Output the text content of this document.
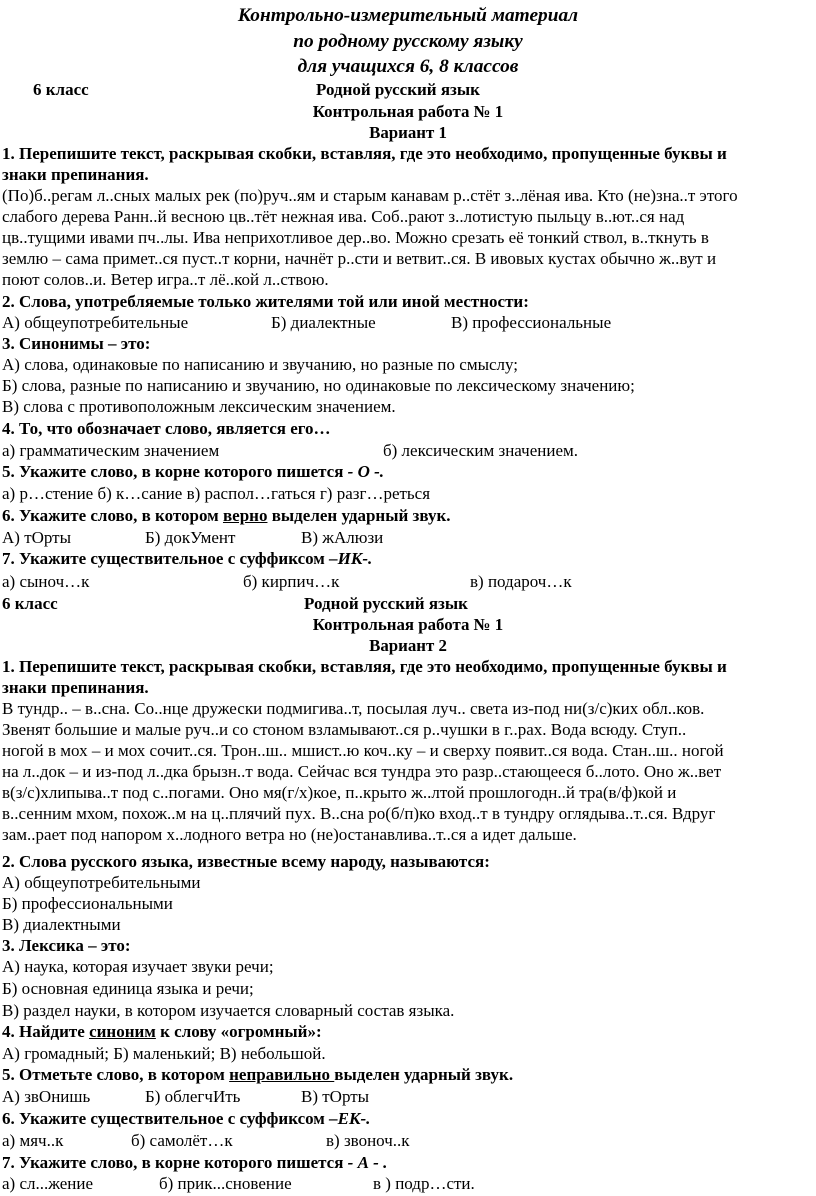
Контрольно-измерительный материал
по родному русскому языку
для учащихся 6, 8 классов
6 класс	Родной русский язык
Контрольная работа № 1
Вариант 1
1. Перепишите текст, раскрывая скобки, вставляя, где это необходимо, пропущенные буквы и
знаки препинания.
(По)б..регам л..сных малых рек (по)руч..ям и старым канавам р..стёт з..лёная ива. Кто (не)зна..т этого
слабого дерева Ранн..й весною цв..тёт нежная ива. Соб..рают з..лотистую пыльцу в..ют..ся над
цв..тущими ивами пч..лы. Ива неприхотливое дер..во. Можно срезать её тонкий ствол, в..ткнуть в
землю – сама примет..ся пуст..т корни, начнёт р..сти и ветвит..ся. В ивовых кустах обычно ж..вут и
поют солов..и. Ветер игра..т лё..кой л..ствою.
2. Слова, употребляемые только жителями той или иной местности:
А) общеупотребительные	Б) диалектные	В) профессиональные
3. Синонимы – это:
А) слова, одинаковые по написанию и звучанию, но разные по смыслу;
Б) слова, разные по написанию и звучанию, но одинаковые по лексическому значению;
В) слова с противоположным лексическим значением.
4. То, что обозначает слово, является его…
а) грамматическим значением	б) лексическим значением.
5. Укажите слово, в корне которого пишется - О -.
а) р…стение б) к…сание в) распол…гаться г) разг…реться
6. Укажите слово, в котором верно выделен ударный звук.
А) тОрты	Б) докУмент	В) жАлюзи
7. Укажите существительное с суффиксом –ИК-.
а) сыноч…к	б) кирпич…к	в) подароч…к
6 класс	Родной русский язык
Контрольная работа № 1
Вариант 2
1. Перепишите текст, раскрывая скобки, вставляя, где это необходимо, пропущенные буквы и
знаки препинания.
В тундр.. – в..сна. Со..нце дружески подмигива..т, посылая луч.. света из-под ни(з/с)ких обл..ков.
Звенят большие и малые руч..и со стоном взламывают..ся р..чушки в г..рах. Вода всюду. Ступ..
ногой в мох – и мох сочит..ся. Трон..ш.. мшист..ю коч..ку – и сверху появит..ся вода. Стан..ш.. ногой
на л..док – и из-под л..дка брызн..т вода. Сейчас вся тундра это разр..стающееся б..лото. Оно ж..вет
в(з/с)хлипыва..т под с..погами. Оно мя(г/х)кое, п..крыто ж..лтой прошлогодн..й тра(в/ф)кой и
в..сенним мхом, похож..м на ц..плячий пух. В..сна ро(б/п)ко вход..т в тундру оглядыва..т..ся. Вдруг
зам..рает под напором х..лодного ветра но (не)останавлива..т..ся а идет дальше.
2. Слова русского языка, известные всему народу, называются:
А) общеупотребительными
Б) профессиональными
В) диалектными
3. Лексика – это:
А) наука, которая изучает звуки речи;
Б) основная единица языка и речи;
В) раздел науки, в котором изучается словарный состав языка.
4. Найдите синоним к слову «огромный»:
А) громадный; Б) маленький; В) небольшой.
5. Отметьте слово, в котором неправильно выделен ударный звук.
А) звОнишь	Б) облегчИть	В) тОрты
6. Укажите существительное с суффиксом –ЕК-.
а) мяч..к	б) самолёт…к	в) звоноч..к
7. Укажите слово, в корне которого пишется - А - .
а) сл...жение	б) прик...сновение	в ) подр…сти.
